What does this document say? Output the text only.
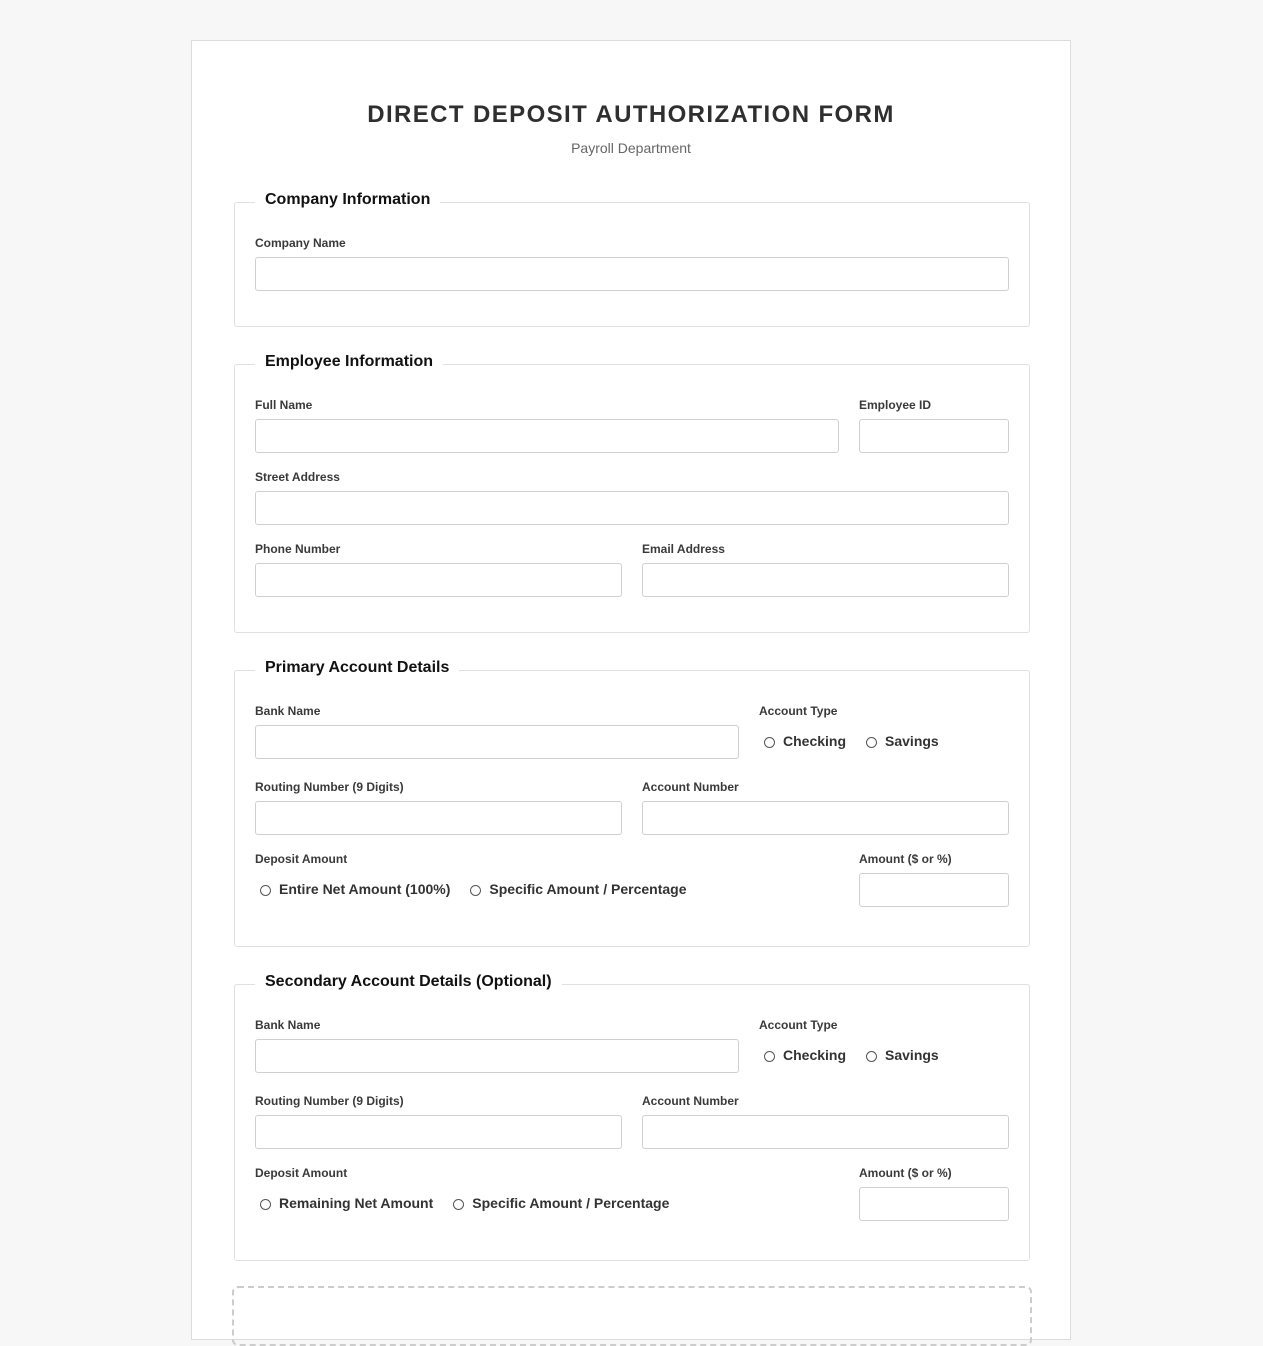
DIRECT DEPOSIT AUTHORIZATION FORM
Payroll Department
Company Information
Company Name
Employee Information
Full Name	Employee ID
Street Address
Phone Number	Email Address
Primary Account Details
Bank Name	Account Type
Checking	Savings
Routing Number (9 Digits)	Account Number
Deposit Amount
Entire Net Amount (100%)	Specific Amount / Percentage
Amount ($ or %)
Secondary Account Details (Optional)
Bank Name	Account Type
Checking	Savings
Routing Number (9 Digits)	Account Number
Deposit Amount
Remaining Net Amount	Specific Amount / Percentage
Amount ($ or %)
